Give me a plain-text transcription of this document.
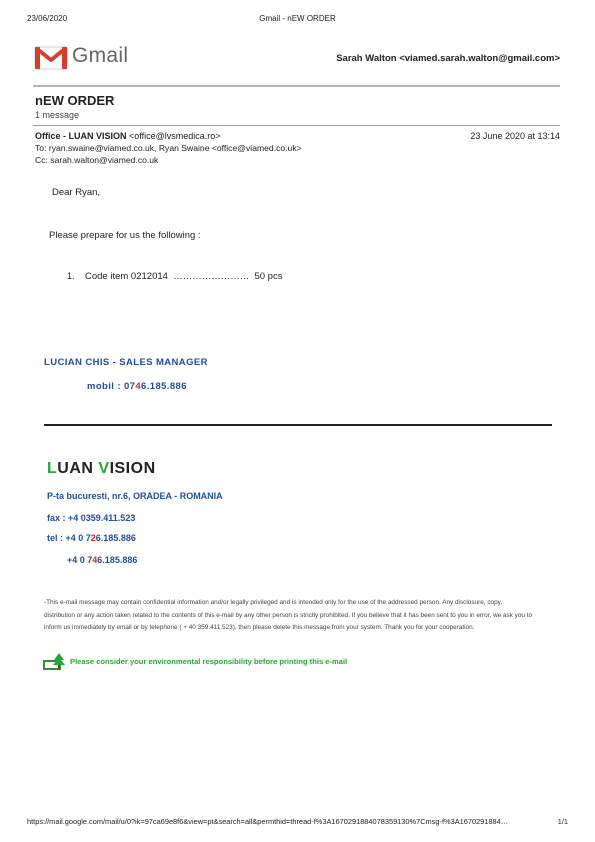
23/06/2020	Gmail - nEW ORDER
Gmail	Sarah Walton <viamed.sarah.walton@gmail.com>
nEW ORDER
1 message
Office - LUAN VISION <office@lvsmedica.ro>	23 June 2020 at 13:14
To: ryan.swaine@viamed.co.uk, Ryan Swaine <office@viamed.co.uk>
Cc: sarah.walton@viamed.co.uk
Dear Ryan,
Please prepare for us the following :
1. Code item 0212014  ……………………  50 pcs
LUCIAN CHIS - SALES MANAGER
mobil : 0746.185.886
LUAN VISION
P-ta bucuresti, nr.6, ORADEA - ROMANIA
fax : +4 0359.411.523
tel : +4 0 726.185.886
+4 0 746.185.886
-This e-mail message may contain confidential information and/or legally privileged and is intended only for the use of the addressed person. Any disclosure, copy, distribution or any action taken related to the contents of this e-mail by any other person is strictly prohibited. If you believe that it has been sent to you in error, we ask you to inform us immediately by email or by telephone ( + 40 359.411.523), then please delete this message from your system. Thank you for your cooperation.
Please consider your environmental responsibility before printing this e-mail
https://mail.google.com/mail/u/0?ik=97ca69e8f6&view=pt&search=all&permthid=thread-f%3A1670291884078359130%7Cmsg-f%3A1670291884…	1/1
